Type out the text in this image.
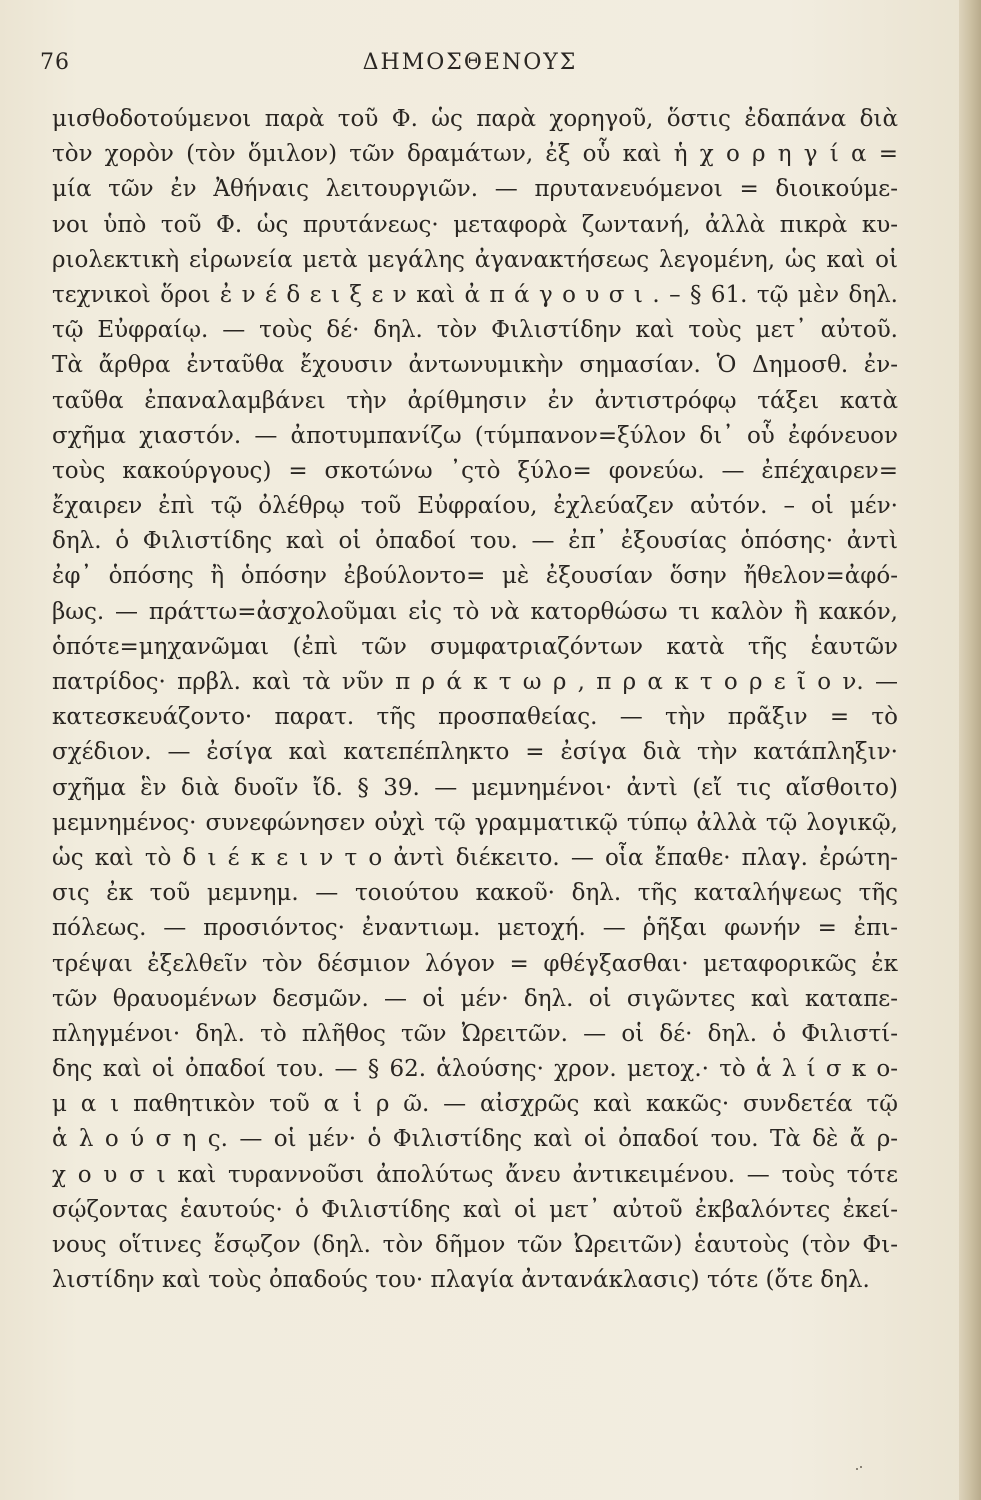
76	ΔΗΜΟΣΘΕΝΟΥΣ
μισθοδοτούμενοι παρὰ τοῦ Φ. ὡς παρὰ χορηγοῦ, ὅστις ἐδαπάνα διὰ
τὸν χορὸν (τὸν ὅμιλον) τῶν δραμάτων, ἐξ οὗ καὶ ἡ χ ο ρ η γ ί α =
μία τῶν ἐν Ἀθήναις λειτουργιῶν. — πρυτανευόμενοι = διοικούμε-
νοι ὑπὸ τοῦ Φ. ὡς πρυτάνεως· μεταφορὰ ζωντανή, ἀλλὰ πικρὰ κυ-
ριολεκτικὴ εἰρωνεία μετὰ μεγάλης ἀγανακτήσεως λεγομένη, ὡς καὶ οἱ
τεχνικοὶ ὅροι ἐ ν έ δ ε ι ξ ε ν καὶ ἀ π ά γ ο υ σ ι . – § 61. τῷ μὲν δηλ.
τῷ Εὐφραίῳ. — τοὺς δέ· δηλ. τὸν Φιλιστίδην καὶ τοὺς μετ᾽ αὐτοῦ.
Τὰ ἄρθρα ἐνταῦθα ἔχουσιν ἀντωνυμικὴν σημασίαν. Ὁ Δημοσθ. ἐν-
ταῦθα ἐπαναλαμβάνει τὴν ἀρίθμησιν ἐν ἀντιστρόφῳ τάξει κατὰ
σχῆμα χιαστόν. — ἀποτυμπανίζω (τύμπανον=ξύλον δι᾽ οὗ ἐφόνευον
τοὺς κακούργους) = σκοτώνω ᾽ςτὸ ξύλο= φονεύω. — ἐπέχαιρεν=
ἔχαιρεν ἐπὶ τῷ ὀλέθρῳ τοῦ Εὐφραίου, ἐχλεύαζεν αὐτόν. – οἱ μέν·
δηλ. ὁ Φιλιστίδης καὶ οἱ ὀπαδοί του. — ἐπ᾽ ἐξουσίας ὁπόσης· ἀντὶ
ἐφ᾽ ὁπόσης ἢ ὁπόσην ἐβούλοντο= μὲ ἐξουσίαν ὅσην ἤθελον=ἀφό-
βως. — πράττω=ἀσχολοῦμαι εἰς τὸ νὰ κατορθώσω τι καλὸν ἢ κακόν,
ὁπότε=μηχανῶμαι (ἐπὶ τῶν συμφατριαζόντων κατὰ τῆς ἑαυτῶν
πατρίδος· πρβλ. καὶ τὰ νῦν π ρ ά κ τ ω ρ , π ρ α κ τ ο ρ ε ῖ ο ν. —
κατεσκευάζοντο· παρατ. τῆς προσπαθείας. — τὴν πρᾶξιν = τὸ
σχέδιον. — ἐσίγα καὶ κατεπέπληκτο = ἐσίγα διὰ τὴν κατάπληξιν·
σχῆμα ἓν διὰ δυοῖν ἴδ. § 39. — μεμνημένοι· ἀντὶ (εἴ τις αἴσθοιτο)
μεμνημένος· συνεφώνησεν οὐχὶ τῷ γραμματικῷ τύπῳ ἀλλὰ τῷ λογικῷ,
ὡς καὶ τὸ δ ι έ κ ε ι ν τ ο ἀντὶ διέκειτο. — οἷα ἔπαθε· πλαγ. ἐρώτη-
σις ἐκ τοῦ μεμνημ. — τοιούτου κακοῦ· δηλ. τῆς καταλήψεως τῆς
πόλεως. — προσιόντος· ἐναντιωμ. μετοχή. — ῥῆξαι φωνήν = ἐπι-
τρέψαι ἐξελθεῖν τὸν δέσμιον λόγον = φθέγξασθαι· μεταφορικῶς ἐκ
τῶν θραυομένων δεσμῶν. — οἱ μέν· δηλ. οἱ σιγῶντες καὶ καταπε-
πληγμένοι· δηλ. τὸ πλῆθος τῶν Ὠρειτῶν. — οἱ δέ· δηλ. ὁ Φιλιστί-
δης καὶ οἱ ὀπαδοί του. — § 62. ἁλούσης· χρον. μετοχ.· τὸ ἁ λ ί σ κ ο-
μ α ι παθητικὸν τοῦ α ἱ ρ ῶ. — αἰσχρῶς καὶ κακῶς· συνδετέα τῷ
ἁ λ ο ύ σ η ς. — οἱ μέν· ὁ Φιλιστίδης καὶ οἱ ὀπαδοί του. Τὰ δὲ ἄ ρ-
χ ο υ σ ι καὶ τυραννοῦσι ἀπολύτως ἄνευ ἀντικειμένου. — τοὺς τότε
σῴζοντας ἑαυτούς· ὁ Φιλιστίδης καὶ οἱ μετ᾽ αὐτοῦ ἐκβαλόντες ἐκεί-
νους οἵτινες ἔσῳζον (δηλ. τὸν δῆμον τῶν Ὠρειτῶν) ἑαυτοὺς (τὸν Φι-
λιστίδην καὶ τοὺς ὀπαδούς του· πλαγία ἀντανάκλασις) τότε (ὅτε δηλ.
